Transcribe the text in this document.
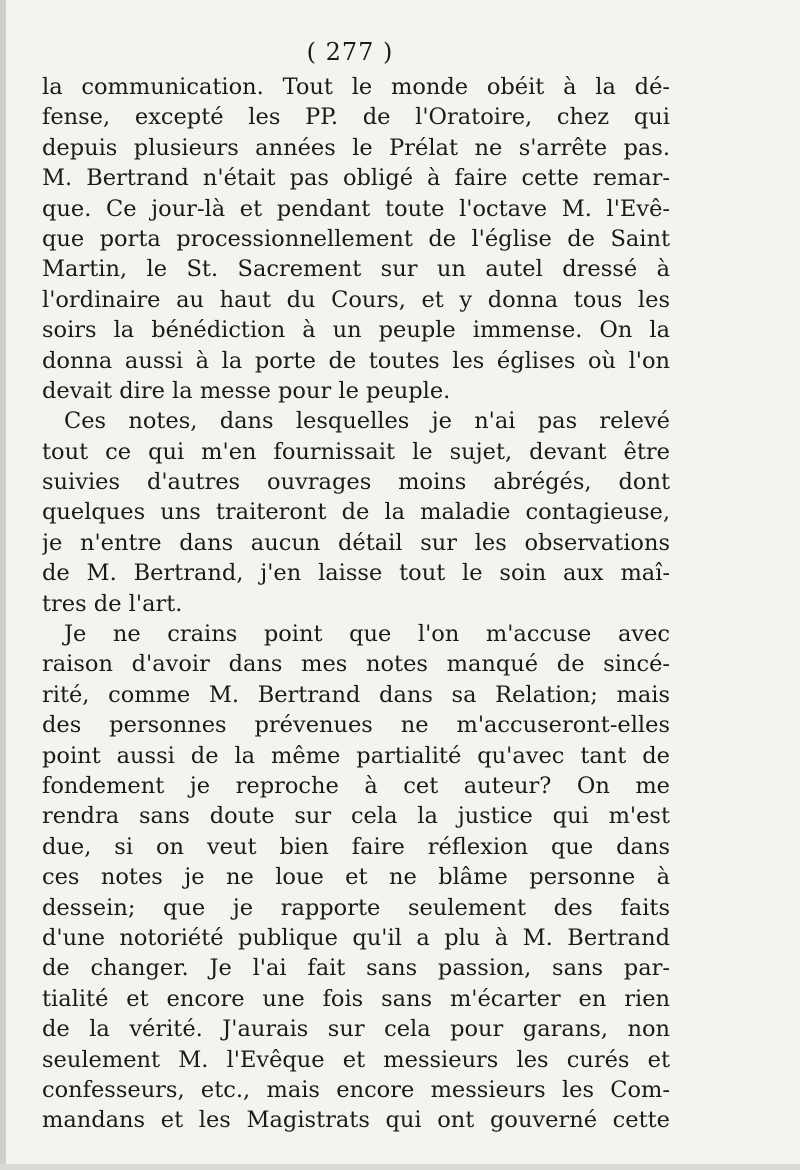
( 277 )
la communication. Tout le monde obéit à la dé-
fense, excepté les PP. de l'Oratoire, chez qui
depuis plusieurs années le Prélat ne s'arrête pas.
M. Bertrand n'était pas obligé à faire cette remar-
que. Ce jour-là et pendant toute l'octave M. l'Evê-
que porta processionnellement de l'église de Saint
Martin, le St. Sacrement sur un autel dressé à
l'ordinaire au haut du Cours, et y donna tous les
soirs la bénédiction à un peuple immense. On la
donna aussi à la porte de toutes les églises où l'on
devait dire la messe pour le peuple.
Ces notes, dans lesquelles je n'ai pas relevé
tout ce qui m'en fournissait le sujet, devant être
suivies d'autres ouvrages moins abrégés, dont
quelques uns traiteront de la maladie contagieuse,
je n'entre dans aucun détail sur les observations
de M. Bertrand, j'en laisse tout le soin aux maî-
tres de l'art.
Je ne crains point que l'on m'accuse avec
raison d'avoir dans mes notes manqué de sincé-
rité, comme M. Bertrand dans sa Relation; mais
des personnes prévenues ne m'accuseront-elles
point aussi de la même partialité qu'avec tant de
fondement je reproche à cet auteur? On me
rendra sans doute sur cela la justice qui m'est
due, si on veut bien faire réflexion que dans
ces notes je ne loue et ne blâme personne à
dessein; que je rapporte seulement des faits
d'une notoriété publique qu'il a plu à M. Bertrand
de changer. Je l'ai fait sans passion, sans par-
tialité et encore une fois sans m'écarter en rien
de la vérité. J'aurais sur cela pour garans, non
seulement M. l'Evêque et messieurs les curés et
confesseurs, etc., mais encore messieurs les Com-
mandans et les Magistrats qui ont gouverné cette
